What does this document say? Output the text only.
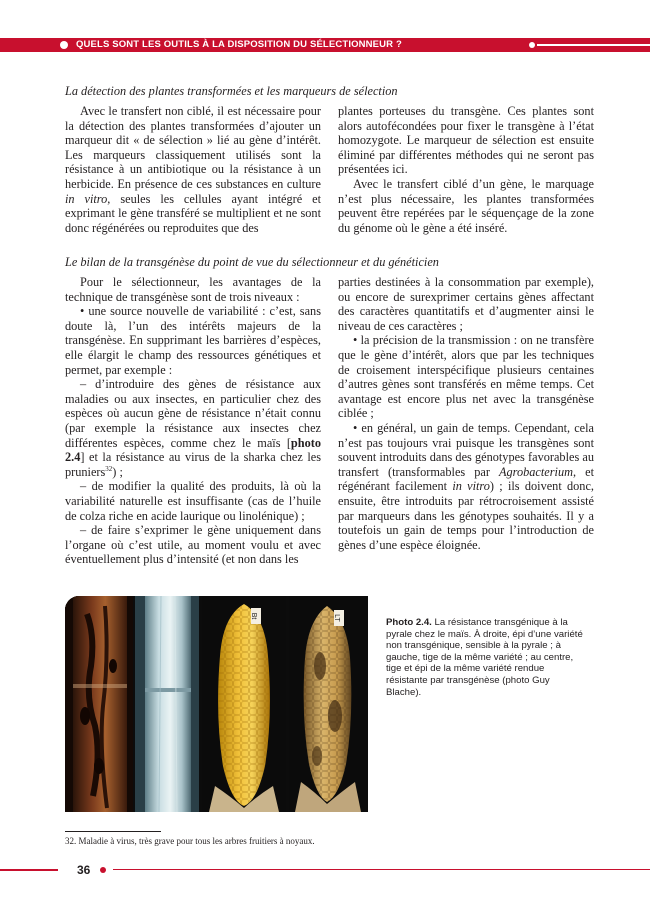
QUELS SONT LES OUTILS À LA DISPOSITION DU SÉLECTIONNEUR ?
La détection des plantes transformées et les marqueurs de sélection

Avec le transfert non ciblé, il est nécessaire pour la détection des plantes transformées d’ajouter un marqueur dit « de sélection » lié au gène d’intérêt. Les marqueurs classiquement utilisés sont la résistance à un antibiotique ou la résistance à un herbicide. En présence de ces substances en culture in vitro, seules les cellules ayant intégré et exprimant le gène transféré se multiplient et ne sont donc régénérées ou reproduites que des

plantes porteuses du transgène. Ces plantes sont alors autofécondées pour fixer le transgène à l’état homozygote. Le marqueur de sélection est ensuite éliminé par différentes méthodes qui ne seront pas présentées ici.

Avec le transfert ciblé d’un gène, le marquage n’est plus nécessaire, les plantes transformées peuvent être repérées par le séquençage de la zone du génome où le gène a été inséré.

Le bilan de la transgénèse du point de vue du sélectionneur et du généticien

Pour le sélectionneur, les avantages de la technique de transgénèse sont de trois niveaux :

• une source nouvelle de variabilité : c’est, sans doute là, l’un des intérêts majeurs de la transgénèse. En supprimant les barrières d’espèces, elle élargit le champ des ressources génétiques et permet, par exemple :

– d’introduire des gènes de résistance aux maladies ou aux insectes, en particulier chez des espèces où aucun gène de résistance n’était connu (par exemple la résistance aux insectes chez différentes espèces, comme chez le maïs [photo 2.4] et la résistance au virus de la sharka chez les pruniers$^{32}$) ;

– de modifier la qualité des produits, là où la variabilité naturelle est insuffisante (cas de l’huile de colza riche en acide laurique ou linolénique) ;

– de faire s’exprimer le gène uniquement dans l’organe où c’est utile, au moment voulu et avec éventuellement plus d’intensité (et non dans les

parties destinées à la consommation par exemple), ou encore de surexprimer certains gènes affectant des caractères quantitatifs et d’augmenter ainsi le niveau de ces caractères ;

• la précision de la transmission : on ne transfère que le gène d’intérêt, alors que par les techniques de croisement interspécifique plusieurs centaines d’autres gènes sont transférés en même temps. Cet avantage est encore plus net avec la transgénèse ciblée ;

• en général, un gain de temps. Cependant, cela n’est pas toujours vrai puisque les transgènes sont souvent introduits dans des génotypes favorables au transfert (transformables par Agrobacterium, et régénérant facilement in vitro) ; ils doivent donc, ensuite, être introduits par rétrocroisement assisté par marqueurs dans les génotypes souhaités. Il y a toutefois un gain de temps pour l’introduction de gènes d’une espèce éloignée.

Bt	LT	Photo 2.4. La résistance transgénique à la pyrale chez le maïs. À droite, épi d’une variété non transgénique, sensible à la pyrale ; à gauche, tige de la même variété ; au centre, tige et épi de la même variété rendue résistante par transgénèse (photo Guy Blache).
32. Maladie à virus, très grave pour tous les arbres fruitiers à noyaux.
36
